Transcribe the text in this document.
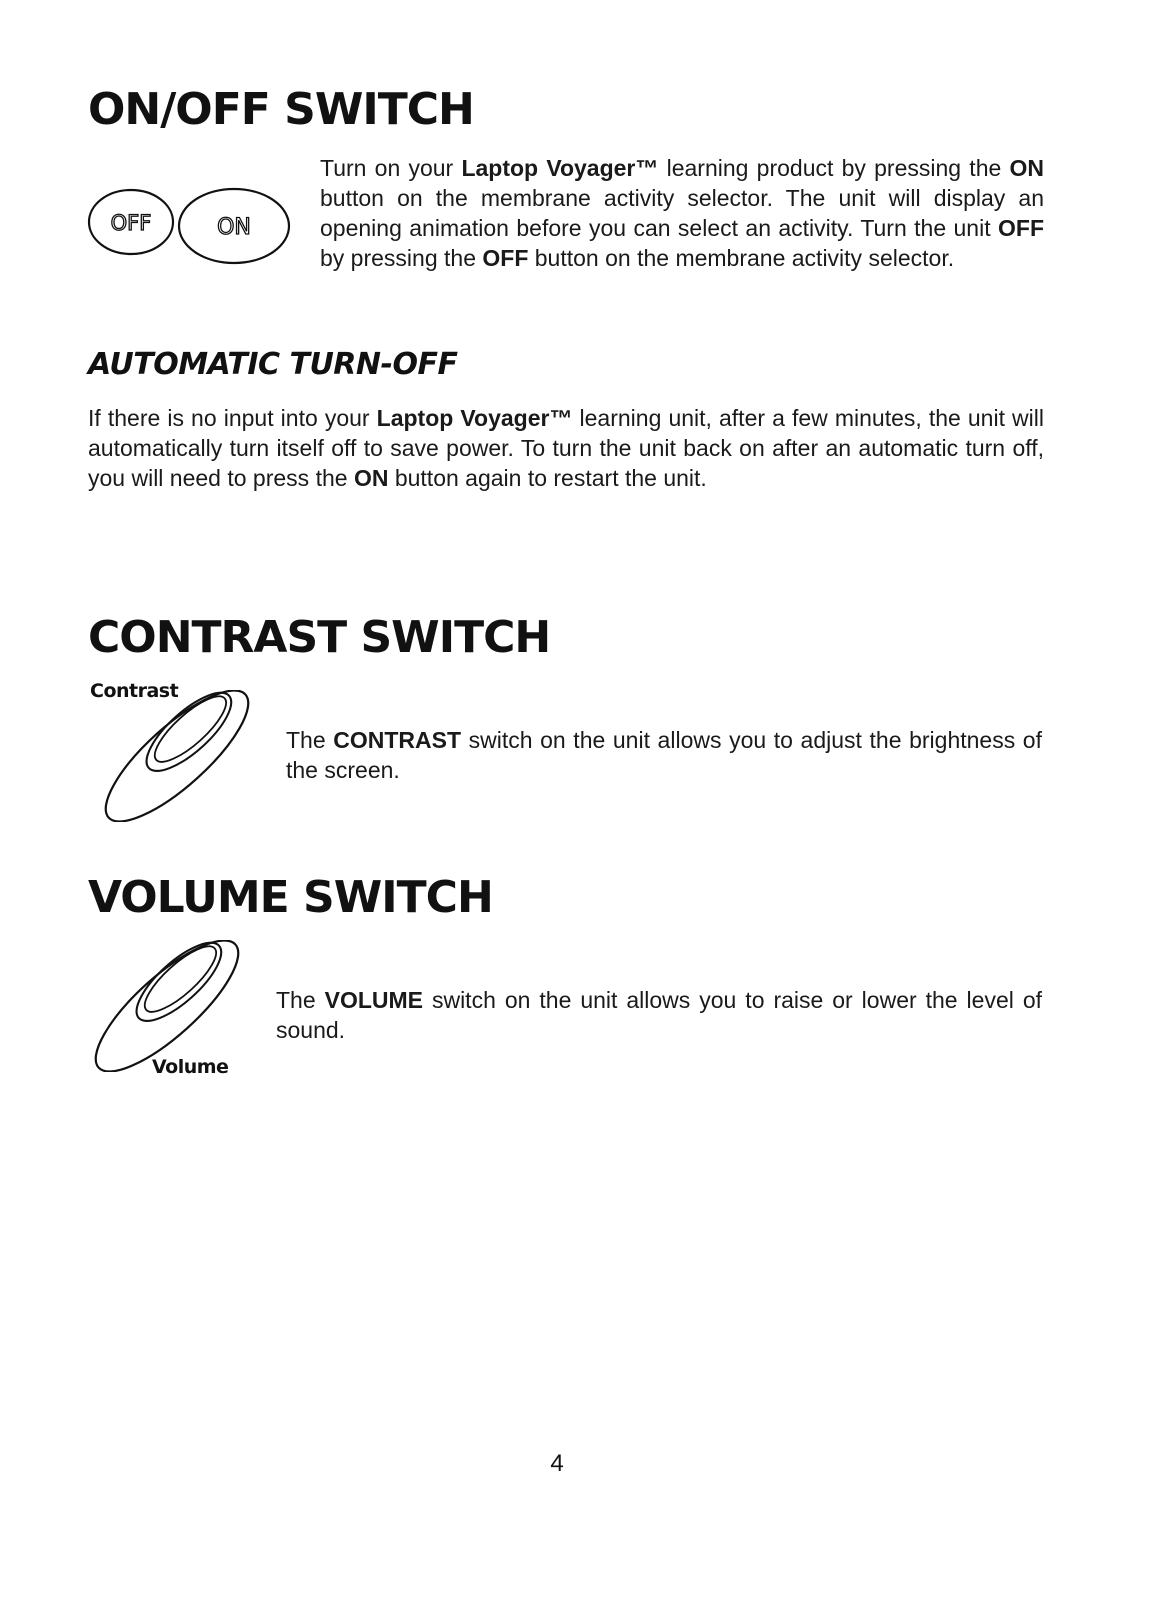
ON/OFF SWITCH
OFF	ON

Turn on your Laptop Voyager™ learning product by pressing the ON button on the membrane activity selector. The unit will display an opening animation before you can select an activity. Turn the unit OFF by pressing the OFF button on the membrane activity selector.

AUTOMATIC TURN-OFF

If there is no input into your Laptop Voyager™ learning unit, after a few minutes, the unit will automatically turn itself off to save power. To turn the unit back on after an automatic turn off, you will need to press the ON button again to restart the unit.

CONTRAST SWITCH
Contrast

The CONTRAST switch on the unit allows you to adjust the brightness of the screen.

VOLUME SWITCH
Volume

The VOLUME switch on the unit allows you to raise or lower the level of sound.

4
